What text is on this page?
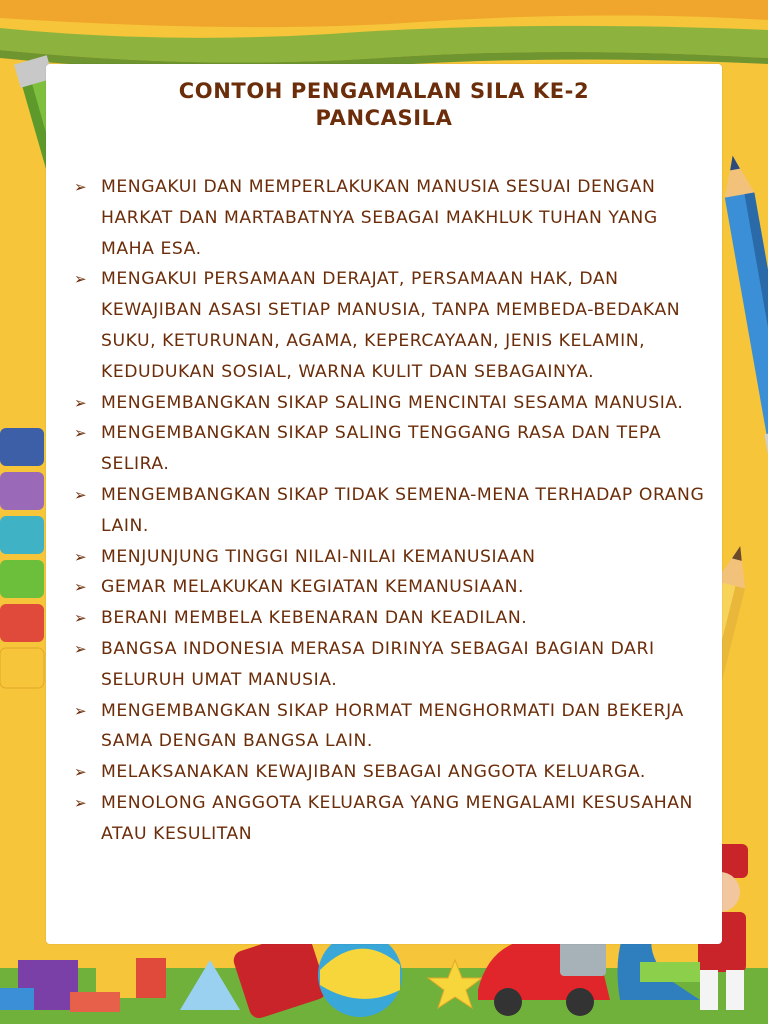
CONTOH PENGAMALAN SILA KE-2
PANCASILA
➢ MENGAKUI DAN MEMPERLAKUKAN MANUSIA SESUAI DENGAN HARKAT DAN MARTABATNYA SEBAGAI MAKHLUK TUHAN YANG MAHA ESA.
➢ MENGAKUI PERSAMAAN DERAJAT, PERSAMAAN HAK, DAN KEWAJIBAN ASASI SETIAP MANUSIA, TANPA MEMBEDA-BEDAKAN SUKU, KETURUNAN, AGAMA, KEPERCAYAAN, JENIS KELAMIN, KEDUDUKAN SOSIAL, WARNA KULIT DAN SEBAGAINYA.
➢ MENGEMBANGKAN SIKAP SALING MENCINTAI SESAMA MANUSIA.
➢ MENGEMBANGKAN SIKAP SALING TENGGANG RASA DAN TEPA SELIRA.
➢ MENGEMBANGKAN SIKAP TIDAK SEMENA-MENA TERHADAP ORANG LAIN.
➢ MENJUNJUNG TINGGI NILAI-NILAI KEMANUSIAAN
➢ GEMAR MELAKUKAN KEGIATAN KEMANUSIAAN.
➢ BERANI MEMBELA KEBENARAN DAN KEADILAN.
➢ BANGSA INDONESIA MERASA DIRINYA SEBAGAI BAGIAN DARI SELURUH UMAT MANUSIA.
➢ MENGEMBANGKAN SIKAP HORMAT MENGHORMATI DAN BEKERJA SAMA DENGAN BANGSA LAIN.
➢ MELAKSANAKAN KEWAJIBAN SEBAGAI ANGGOTA KELUARGA.
➢ MENOLONG ANGGOTA KELUARGA YANG MENGALAMI KESUSAHAN ATAU KESULITAN
